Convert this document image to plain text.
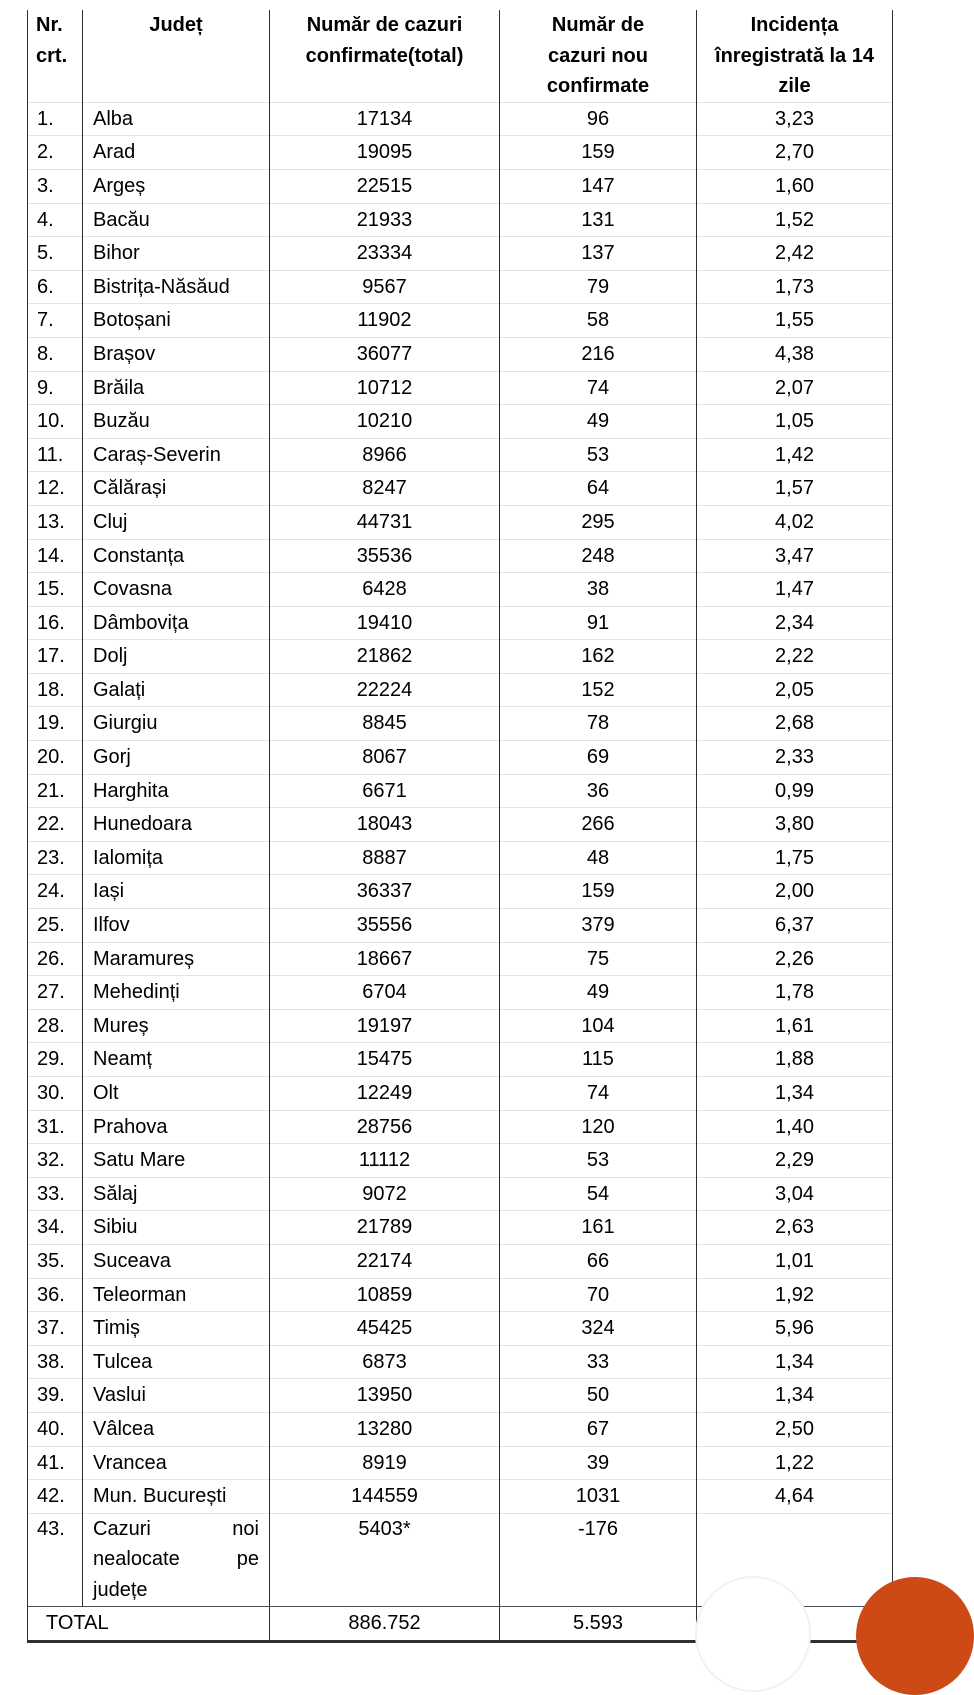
Nr. crt.	Județ	Număr de cazuri confirmate(total)	Număr de cazuri nou confirmate	Incidența înregistrată la 14 zile
1.	Alba	17134	96	3,23
2.	Arad	19095	159	2,70
3.	Argeș	22515	147	1,60
4.	Bacău	21933	131	1,52
5.	Bihor	23334	137	2,42
6.	Bistrița-Năsăud	9567	79	1,73
7.	Botoșani	11902	58	1,55
8.	Brașov	36077	216	4,38
9.	Brăila	10712	74	2,07
10.	Buzău	10210	49	1,05
11.	Caraș-Severin	8966	53	1,42
12.	Călărași	8247	64	1,57
13.	Cluj	44731	295	4,02
14.	Constanța	35536	248	3,47
15.	Covasna	6428	38	1,47
16.	Dâmbovița	19410	91	2,34
17.	Dolj	21862	162	2,22
18.	Galați	22224	152	2,05
19.	Giurgiu	8845	78	2,68
20.	Gorj	8067	69	2,33
21.	Harghita	6671	36	0,99
22.	Hunedoara	18043	266	3,80
23.	Ialomița	8887	48	1,75
24.	Iași	36337	159	2,00
25.	Ilfov	35556	379	6,37
26.	Maramureș	18667	75	2,26
27.	Mehedinți	6704	49	1,78
28.	Mureș	19197	104	1,61
29.	Neamț	15475	115	1,88
30.	Olt	12249	74	1,34
31.	Prahova	28756	120	1,40
32.	Satu Mare	11112	53	2,29
33.	Sălaj	9072	54	3,04
34.	Sibiu	21789	161	2,63
35.	Suceava	22174	66	1,01
36.	Teleorman	10859	70	1,92
37.	Timiș	45425	324	5,96
38.	Tulcea	6873	33	1,34
39.	Vaslui	13950	50	1,34
40.	Vâlcea	13280	67	2,50
41.	Vrancea	8919	39	1,22
42.	Mun. București	144559	1031	4,64
43.	Cazuri noi nealocate pe județe	5403*	-176	
TOTAL		886.752	5.593	
